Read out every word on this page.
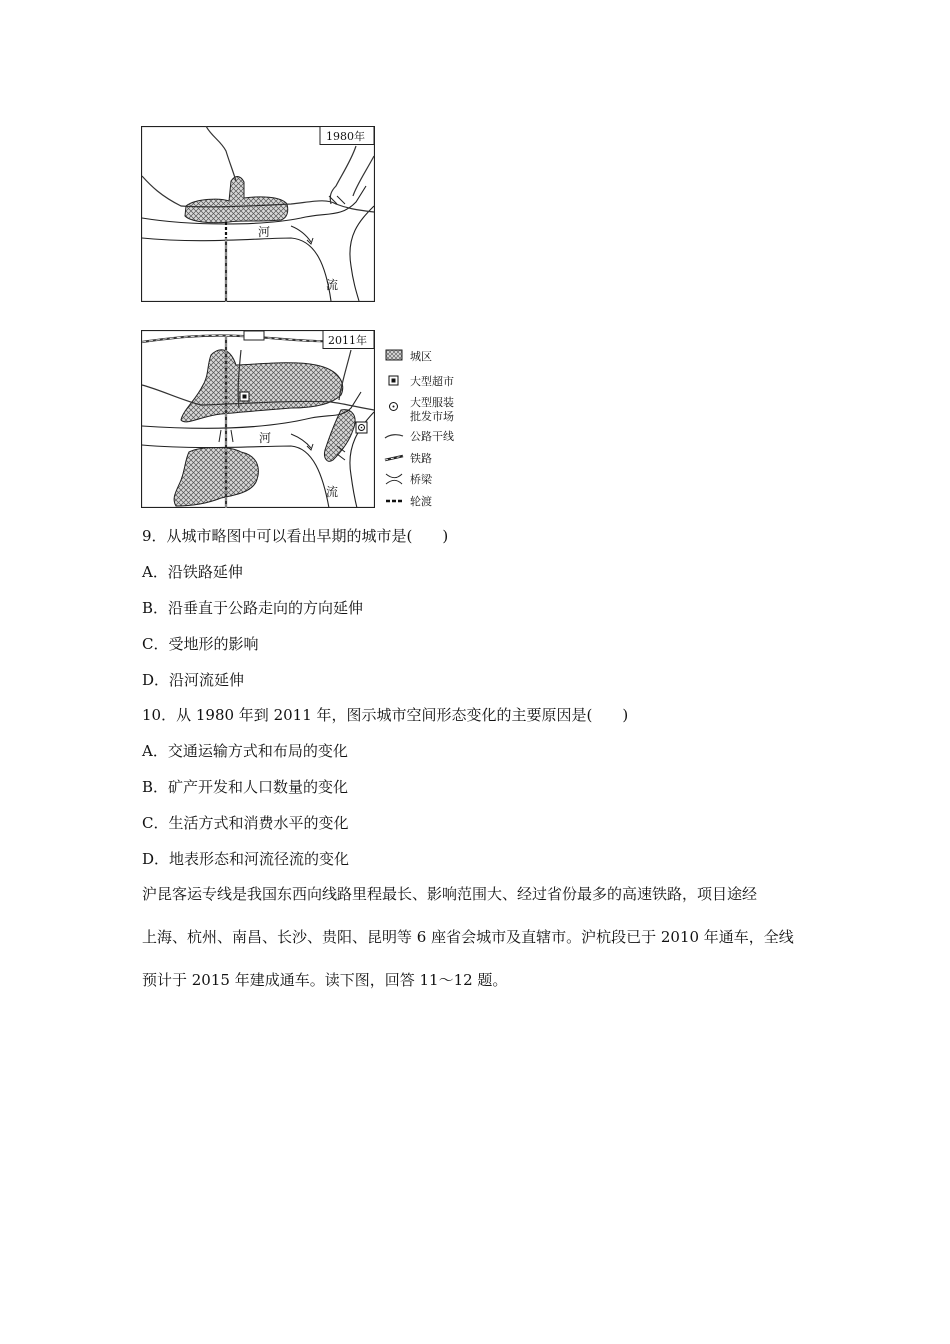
1980年
河
流
2011年
河
流
城区
大型超市
大型服装
批发市场
公路干线
铁路
桥梁
轮渡
9．从城市略图中可以看出早期的城市是(　　)
A．沿铁路延伸
B．沿垂直于公路走向的方向延伸
C．受地形的影响
D．沿河流延伸
10．从 1980 年到 2011 年，图示城市空间形态变化的主要原因是(　　)
A．交通运输方式和布局的变化
B．矿产开发和人口数量的变化
C．生活方式和消费水平的变化
D．地表形态和河流径流的变化
沪昆客运专线是我国东西向线路里程最长、影响范围大、经过省份最多的高速铁路，项目途经
上海、杭州、南昌、长沙、贵阳、昆明等 6 座省会城市及直辖市。沪杭段已于 2010 年通车，全线
预计于 2015 年建成通车。读下图，回答 11～12 题。
